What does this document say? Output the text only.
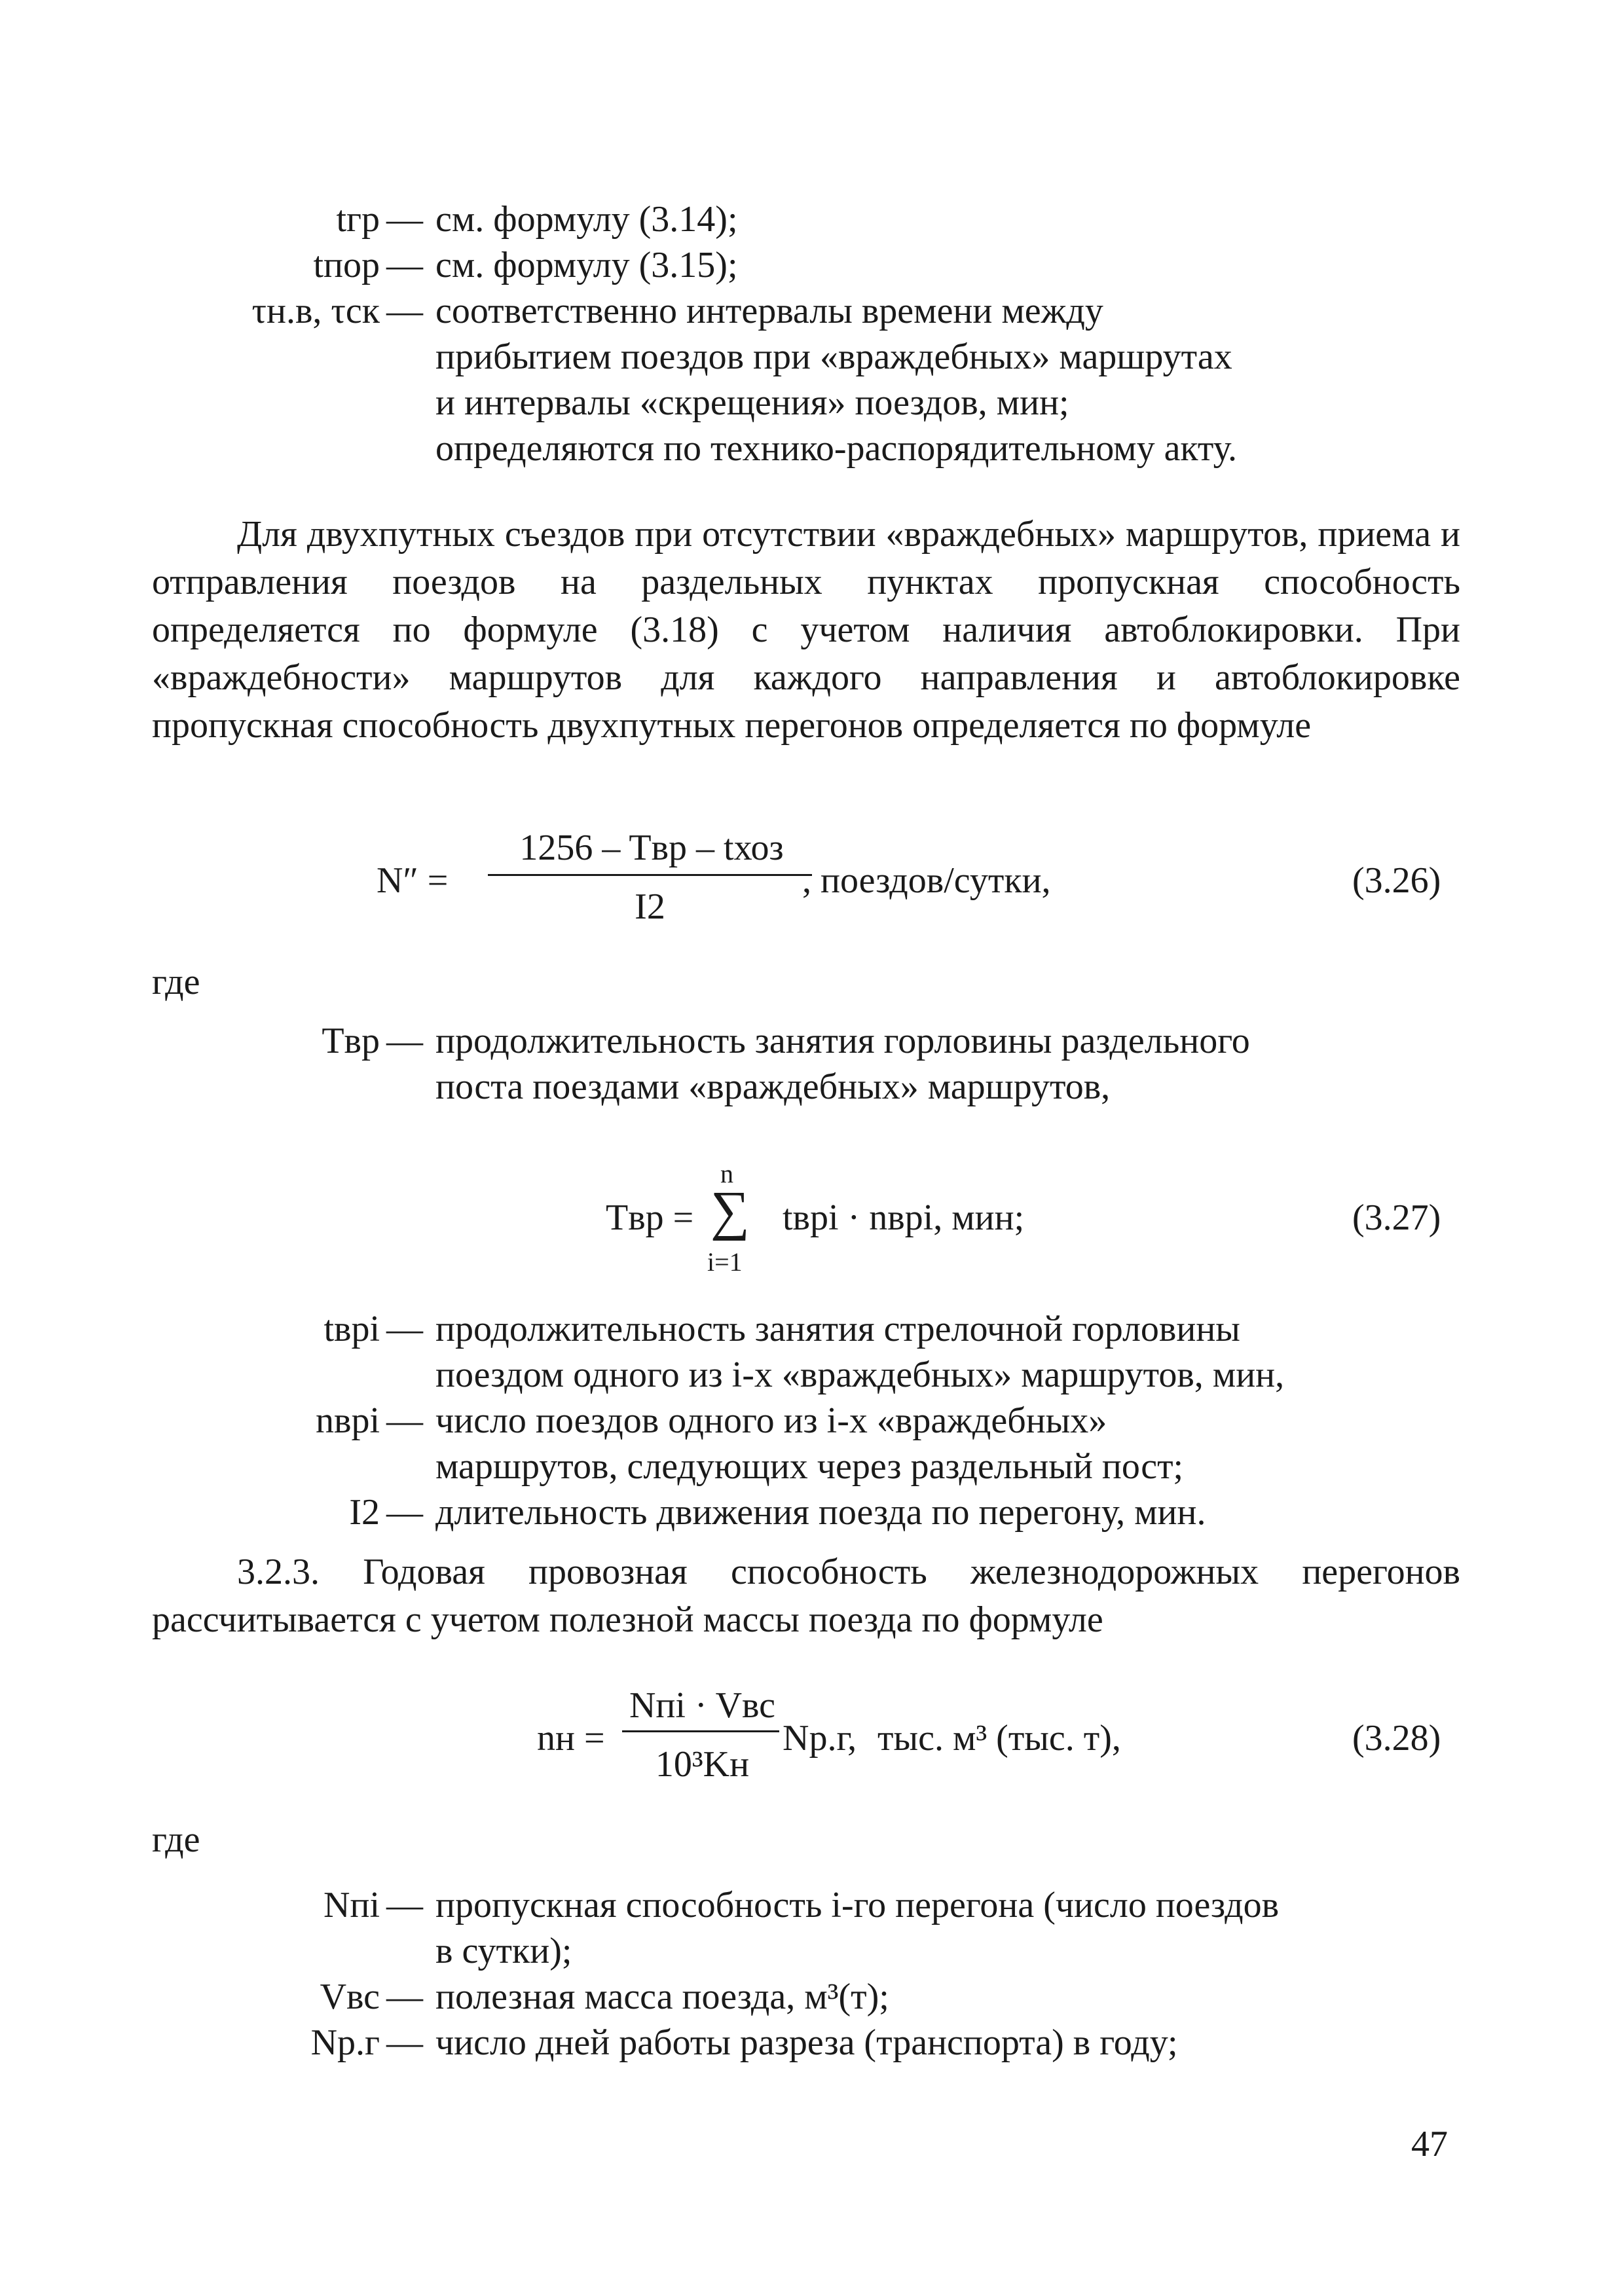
tгр — см. формулу (3.14);
tпор — см. формулу (3.15);
τн.в, τск — соответственно интервалы времени между
прибытием поездов при «враждебных» маршрутах
и интервалы «скрещения» поездов, мин;
определяются по технико-распорядительному акту.
Для двухпутных съездов при отсутствии «враждебных» маршрутов, приема и отправления поездов на раздельных пунктах пропускная способность определяется по формуле (3.18) с учетом наличия автоблокировки. При «враждебности» маршрутов для каждого направления и автоблокировке пропускная способность двухпутных перегонов определяется по формуле
N″ =
1256 – Tвр – tхоз
I2
, поездов/сутки,	(3.26)
где
Tвр — продолжительность занятия горловины раздельного
поста поездами «враждебных» маршрутов,
Tвр =
n
∑
i=1
tврi · nврi, мин;	(3.27)
tврi — продолжительность занятия стрелочной горловины
поездом одного из i-х «враждебных» маршрутов, мин,
nврi — число поездов одного из i-х «враждебных»
маршрутов, следующих через раздельный пост;
I2 — длительность движения поезда по перегону, мин.
3.2.3. Годовая провозная способность железнодорожных перегонов рассчитывается с учетом полезной массы поезда по формуле
nн =
Nпi · Vвс
10³Kн
Nр.г, тыс. м³ (тыс. т),	(3.28)
где
Nпi — пропускная способность i-го перегона (число поездов
в сутки);
Vвс — полезная масса поезда, м³(т);
Nр.г — число дней работы разреза (транспорта) в году;
47
